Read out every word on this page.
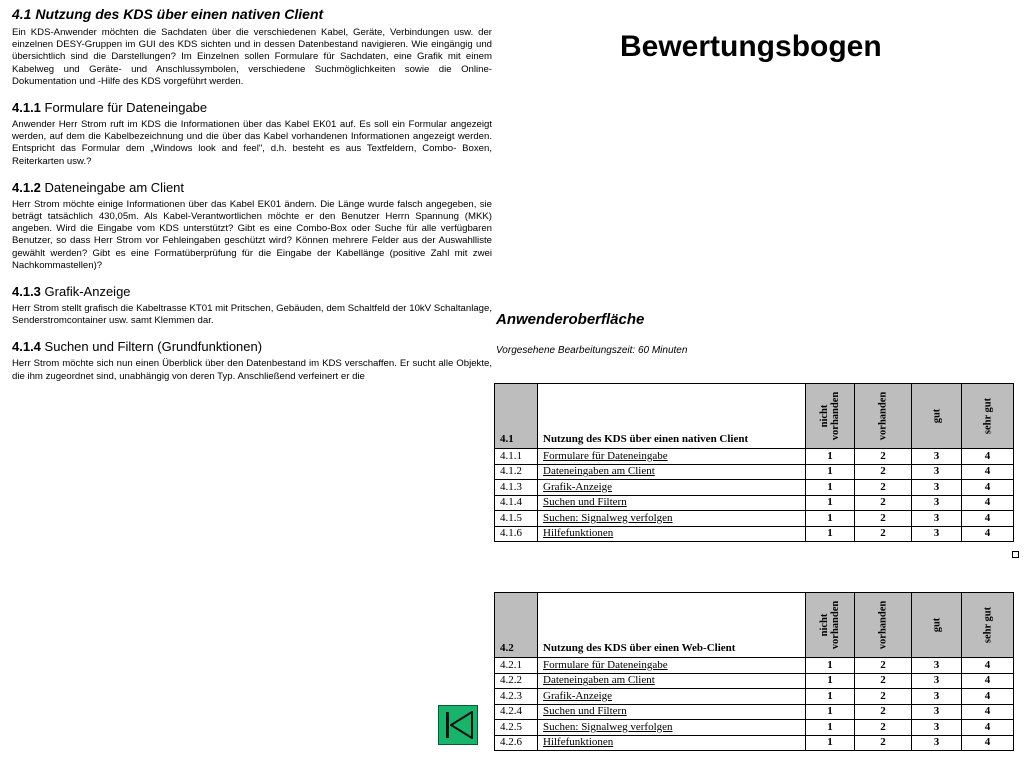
4.1 Nutzung des KDS über einen nativen Client

Ein KDS-Anwender möchten die Sachdaten über die verschiedenen Kabel, Geräte, Verbindungen usw. der einzelnen DESY-Gruppen im GUI des KDS sichten und in dessen Datenbestand navigieren. Wie eingängig und übersichtlich sind die Darstellungen? Im Einzelnen sollen Formulare für Sachdaten, eine Grafik mit einem Kabelweg und Geräte- und Anschlussymbolen, verschiedene Suchmöglichkeiten sowie die Online-Dokumentation und -Hilfe des KDS vorgeführt werden.

4.1.1 Formulare für Dateneingabe

Anwender Herr Strom ruft im KDS die Informationen über das Kabel EK01 auf. Es soll ein Formular angezeigt werden, auf dem die Kabelbezeichnung und die über das Kabel vorhandenen Informationen angezeigt werden. Entspricht das Formular dem „Windows look and feel", d.h. besteht es aus Textfeldern, Combo- Boxen, Reiterkarten usw.?

4.1.2 Dateneingabe am Client

Herr Strom möchte einige Informationen über das Kabel EK01 ändern. Die Länge wurde falsch angegeben, sie beträgt tatsächlich 430,05m. Als Kabel-Verantwortlichen möchte er den Benutzer Herrn Spannung (MKK) angeben. Wird die Eingabe vom KDS unterstützt? Gibt es eine Combo-Box oder Suche für alle verfügbaren Benutzer, so dass Herr Strom vor Fehleingaben geschützt wird? Können mehrere Felder aus der Auswahlliste gewählt werden? Gibt es eine Formatüberprüfung für die Eingabe der Kabellänge (positive Zahl mit zwei Nachkommastellen)?

4.1.3 Grafik-Anzeige

Herr Strom stellt grafisch die Kabeltrasse KT01 mit Pritschen, Gebäuden, dem Schaltfeld der 10kV Schaltanlage, Senderstromcontainer usw. samt Klemmen dar.

4.1.4 Suchen und Filtern (Grundfunktionen)

Herr Strom möchte sich nun einen Überblick über den Datenbestand im KDS verschaffen. Er sucht alle Objekte, die ihm zugeordnet sind, unabhängig von deren Typ. Anschließend verfeinert er die

Bewertungsbogen
Anwenderoberfläche
Vorgesehene Bearbeitungszeit: 60 Minuten
4.1	Nutzung des KDS über einen nativen Client	nicht
vorhanden	vorhanden	gut	sehr gut

4.1.1	Formulare für Dateneingabe	1	2	3	4
4.1.2	Dateneingaben am Client	1	2	3	4
4.1.3	Grafik-Anzeige	1	2	3	4
4.1.4	Suchen und Filtern	1	2	3	4
4.1.5	Suchen: Signalweg verfolgen	1	2	3	4
4.1.6	Hilfefunktionen	1	2	3	4
4.2	Nutzung des KDS über einen Web-Client	nicht
vorhanden	vorhanden	gut	sehr gut

4.2.1	Formulare für Dateneingabe	1	2	3	4
4.2.2	Dateneingaben am Client	1	2	3	4
4.2.3	Grafik-Anzeige	1	2	3	4
4.2.4	Suchen und Filtern	1	2	3	4
4.2.5	Suchen: Signalweg verfolgen	1	2	3	4
4.2.6	Hilfefunktionen	1	2	3	4
